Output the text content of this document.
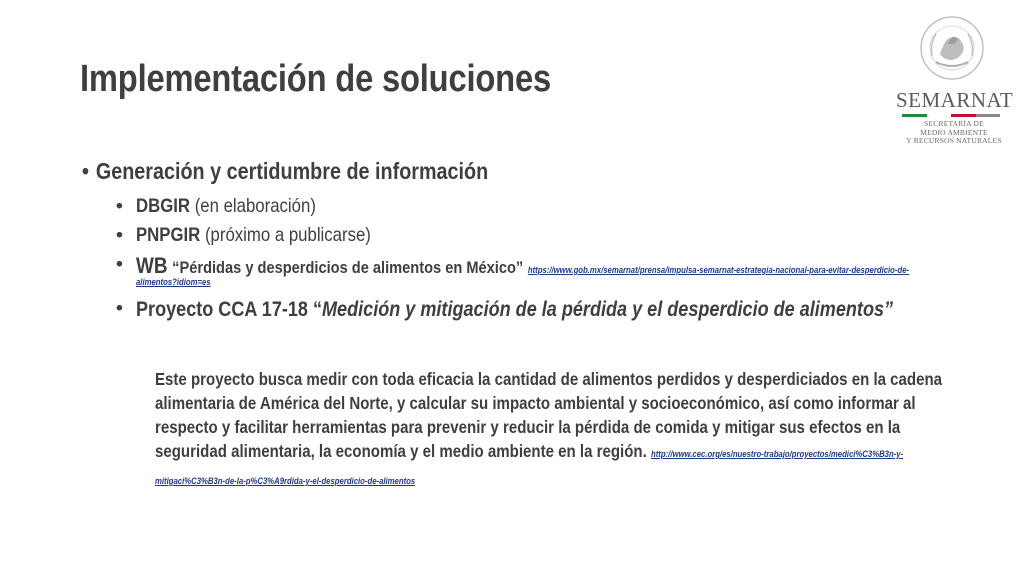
Implementación de soluciones
• Generación y certidumbre de información
• DBGIR (en elaboración)
• PNPGIR (próximo a publicarse)
• WB “Pérdidas y desperdicios de alimentos en México” https://www.gob.mx/semarnat/prensa/impulsa-semarnat-estrategia-nacional-para-evitar-desperdicio-de-
alimentos?idiom=es
• Proyecto CCA 17-18 “Medición y mitigación de la pérdida y el desperdicio de alimentos”
Este proyecto busca medir con toda eficacia la cantidad de alimentos perdidos y desperdiciados en la cadena alimentaria de América del Norte, y calcular su impacto ambiental y socioeconómico, así como informar al respecto y facilitar herramientas para prevenir y reducir la pérdida de comida y mitigar sus efectos en la seguridad alimentaria, la economía y el medio ambiente en la región. http://www.cec.org/es/nuestro-trabajo/proyectos/medici%C3%B3n-y-mitigaci%C3%B3n-de-la-p%C3%A9rdida-y-el-desperdicio-de-alimentos
SEMARNAT
SECRETARÍA DE
MEDIO AMBIENTE
Y RECURSOS NATURALES
